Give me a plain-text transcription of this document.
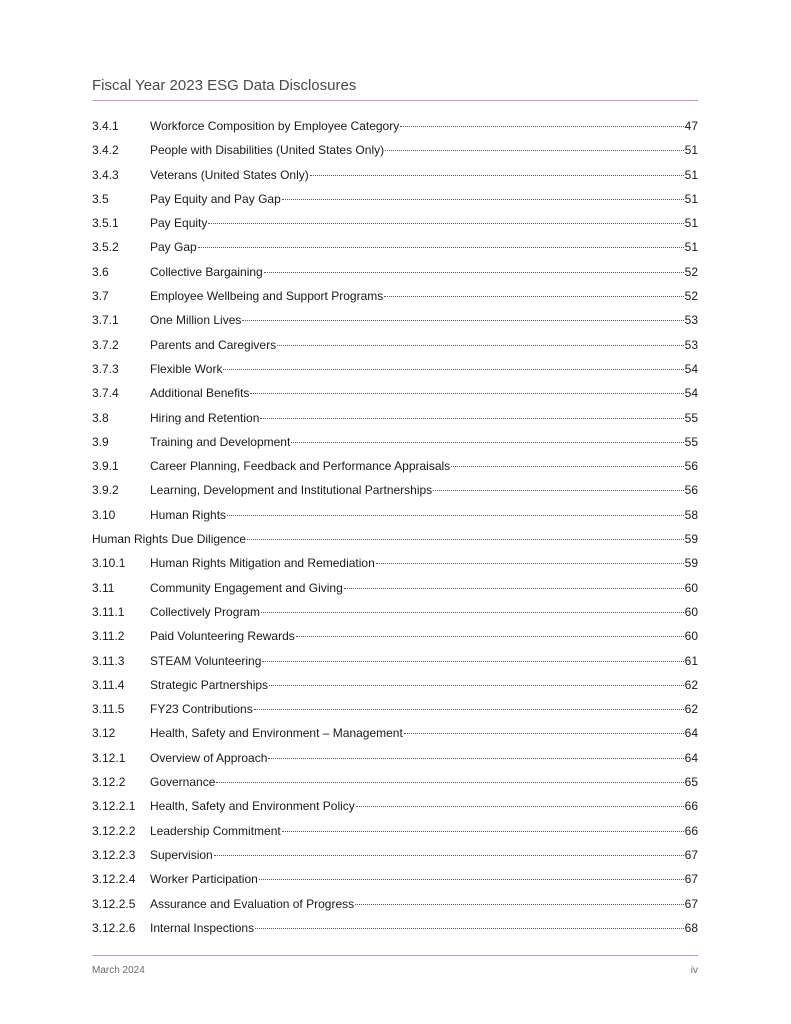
Fiscal Year 2023 ESG Data Disclosures
3.4.1	Workforce Composition by Employee Category	47
3.4.2	People with Disabilities (United States Only)	51
3.4.3	Veterans (United States Only)	51
3.5	Pay Equity and Pay Gap	51
3.5.1	Pay Equity	51
3.5.2	Pay Gap	51
3.6	Collective Bargaining	52
3.7	Employee Wellbeing and Support Programs	52
3.7.1	One Million Lives	53
3.7.2	Parents and Caregivers	53
3.7.3	Flexible Work	54
3.7.4	Additional Benefits	54
3.8	Hiring and Retention	55
3.9	Training and Development	55
3.9.1	Career Planning, Feedback and Performance Appraisals	56
3.9.2	Learning, Development and Institutional Partnerships	56
3.10	Human Rights	58
Human Rights Due Diligence	59
3.10.1	Human Rights Mitigation and Remediation	59
3.11	Community Engagement and Giving	60
3.11.1	Collectively Program	60
3.11.2	Paid Volunteering Rewards	60
3.11.3	STEAM Volunteering	61
3.11.4	Strategic Partnerships	62
3.11.5	FY23 Contributions	62
3.12	Health, Safety and Environment – Management	64
3.12.1	Overview of Approach	64
3.12.2	Governance	65
3.12.2.1	Health, Safety and Environment Policy	66
3.12.2.2	Leadership Commitment	66
3.12.2.3	Supervision	67
3.12.2.4	Worker Participation	67
3.12.2.5	Assurance and Evaluation of Progress	67
3.12.2.6	Internal Inspections	68
March 2024	iv
